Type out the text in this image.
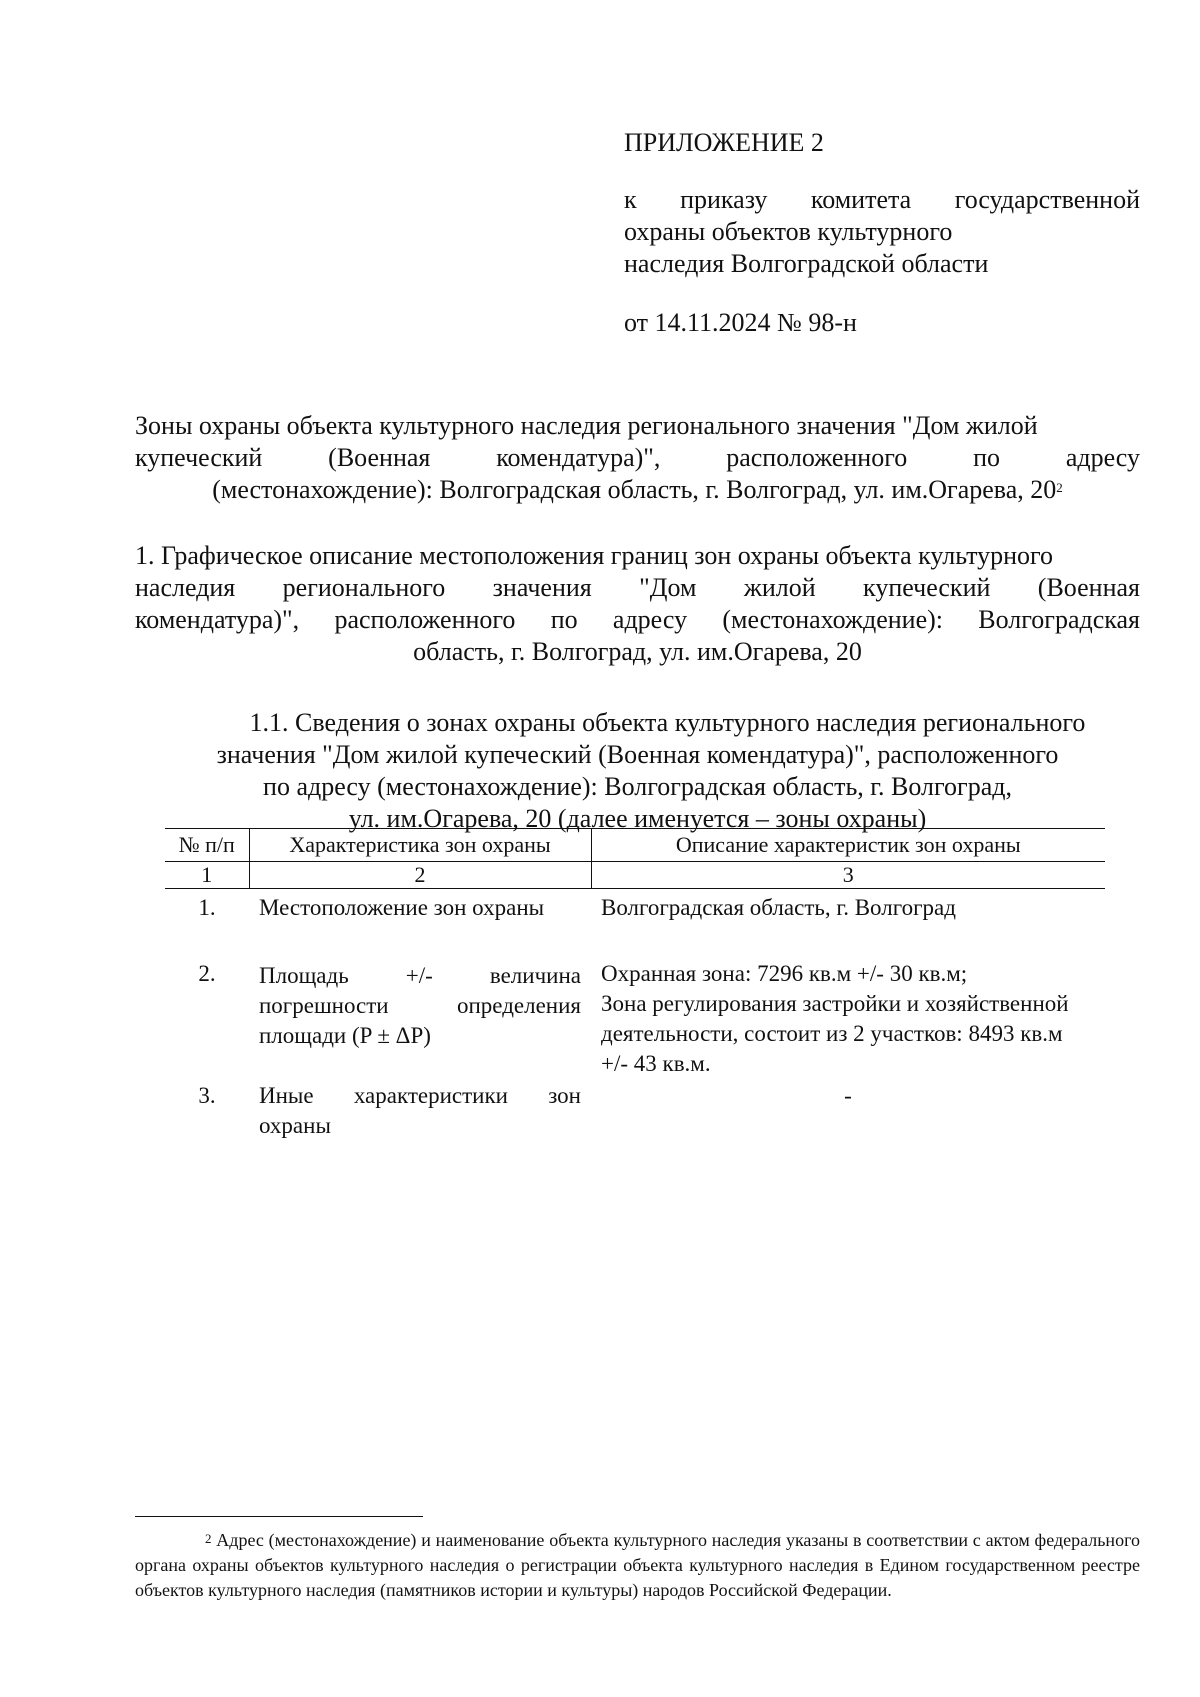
ПРИЛОЖЕНИЕ 2
к приказу комитета государственной
охраны объектов культурного
наследия Волгоградской области
от 14.11.2024 № 98-н
Зоны охраны объекта культурного наследия регионального значения "Дом жилой
купеческий (Военная комендатура)", расположенного по адресу
(местонахождение): Волгоградская область, г. Волгоград, ул. им.Огарева, $20^2$
1. Графическое описание местоположения границ зон охраны объекта культурного
наследия регионального значения "Дом жилой купеческий (Военная
комендатура)", расположенного по адресу (местонахождение): Волгоградская
область, г. Волгоград, ул. им.Огарева, 20
1.1. Сведения о зонах охраны объекта культурного наследия регионального
значения "Дом жилой купеческий (Военная комендатура)", расположенного
по адресу (местонахождение): Волгоградская область, г. Волгоград,
ул. им.Огарева, 20 (далее именуется – зоны охраны)
№ п/п	Характеристика зон охраны	Описание характеристик зон охраны
1	2	3
1.	Местоположение зон охраны	Волгоградская область, г. Волгоград
2.	Площадь +/- величина погрешности определения площади (P ± ΔP)	Охранная зона: 7296 кв.м +/- 30 кв.м;
Зона регулирования застройки и хозяйственной деятельности, состоит из 2 участков: 8493 кв.м +/- 43 кв.м.

3.	Иные характеристики зон охраны	-
$^2$ Адрес (местонахождение) и наименование объекта культурного наследия указаны в соответствии с актом федерального органа охраны объектов культурного наследия о регистрации объекта культурного наследия в Едином государственном реестре объектов культурного наследия (памятников истории и культуры) народов Российской Федерации.
